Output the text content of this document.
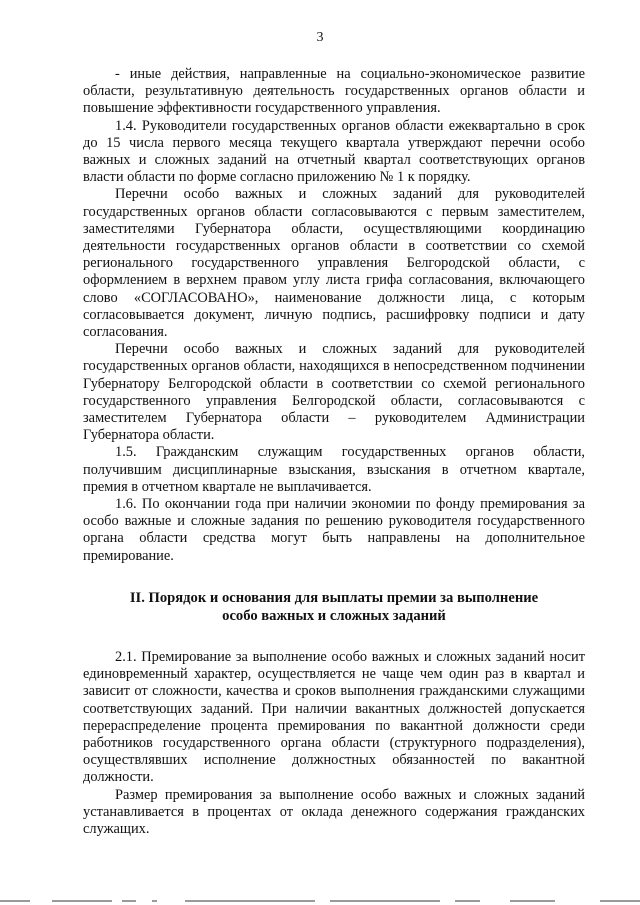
3

- иные действия, направленные на социально-экономическое развитие области, результативную деятельность государственных органов области и повышение эффективности государственного управления.

1.4. Руководители государственных органов области ежеквартально в срок до 15 числа первого месяца текущего квартала утверждают перечни особо важных и сложных заданий на отчетный квартал соответствующих органов власти области по форме согласно приложению № 1 к порядку.

Перечни особо важных и сложных заданий для руководителей государственных органов области согласовываются с первым заместителем, заместителями Губернатора области, осуществляющими координацию деятельности государственных органов области в соответствии со схемой регионального государственного управления Белгородской области, с оформлением в верхнем правом углу листа грифа согласования, включающего слово «СОГЛАСОВАНО», наименование должности лица, с которым согласовывается документ, личную подпись, расшифровку подписи и дату согласования.

Перечни особо важных и сложных заданий для руководителей государственных органов области, находящихся в непосредственном подчинении Губернатору Белгородской области в соответствии со схемой регионального государственного управления Белгородской области, согласовываются с заместителем Губернатора области – руководителем Администрации Губернатора области.

1.5. Гражданским служащим государственных органов области, получившим дисциплинарные взыскания, взыскания в отчетном квартале, премия в отчетном квартале не выплачивается.

1.6. По окончании года при наличии экономии по фонду премирования за особо важные и сложные задания по решению руководителя государственного органа области средства могут быть направлены на дополнительное премирование.

II. Порядок и основания для выплаты премии за выполнение
особо важных и сложных заданий

2.1. Премирование за выполнение особо важных и сложных заданий носит единовременный характер, осуществляется не чаще чем один раз в квартал и зависит от сложности, качества и сроков выполнения гражданскими служащими соответствующих заданий. При наличии вакантных должностей допускается перераспределение процента премирования по вакантной должности среди работников государственного органа области (структурного подразделения), осуществлявших исполнение должностных обязанностей по вакантной должности.

Размер премирования за выполнение особо важных и сложных заданий устанавливается в процентах от оклада денежного содержания гражданских служащих.
